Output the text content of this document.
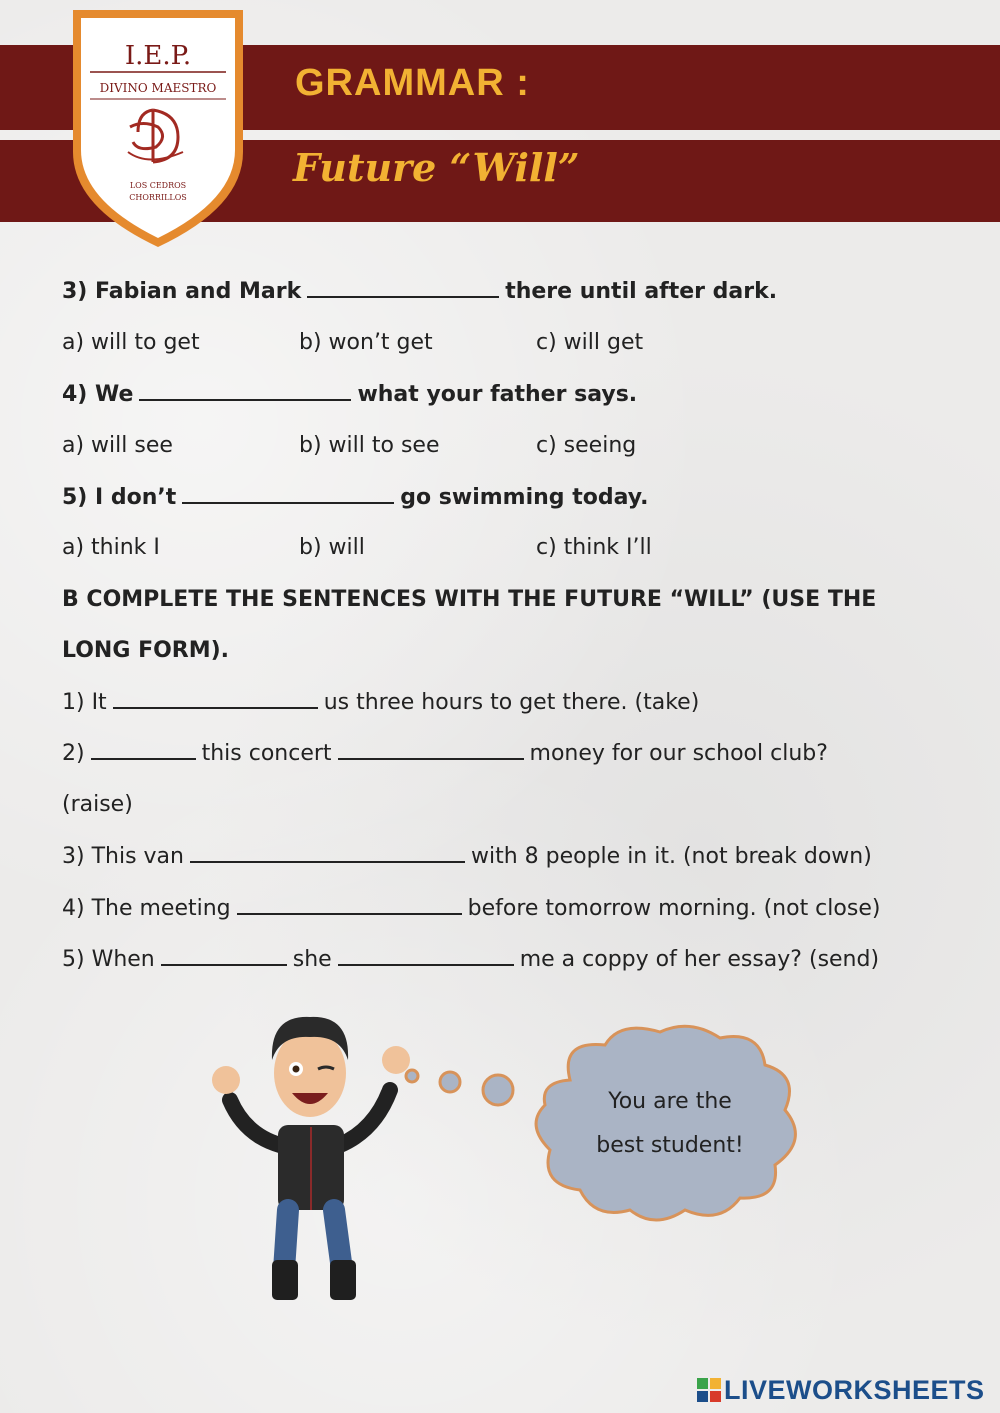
I.E.P.
DIVINO MAESTRO
LOS CEDROS
CHORRILLOS
GRAMMAR :
Future “Will”
3) Fabian and Mark	there until after dark.
a) will to get	b) won’t get	c) will get
4) We	what your father says.
a) will see	b) will to see	c) seeing
5) I don’t	go swimming today.
a) think I	b) will	c) think I’ll
B COMPLETE THE SENTENCES WITH THE FUTURE “WILL” (USE THE
LONG FORM).
1) It	us three hours to get there. (take)
2)	this concert	money for our school club?
(raise)
3) This van	with 8 people in it. (not break down)
4) The meeting	before tomorrow morning. (not close)
5) When	she	me a coppy of her essay? (send)
You are the
best student!
LIVEWORKSHEETS
